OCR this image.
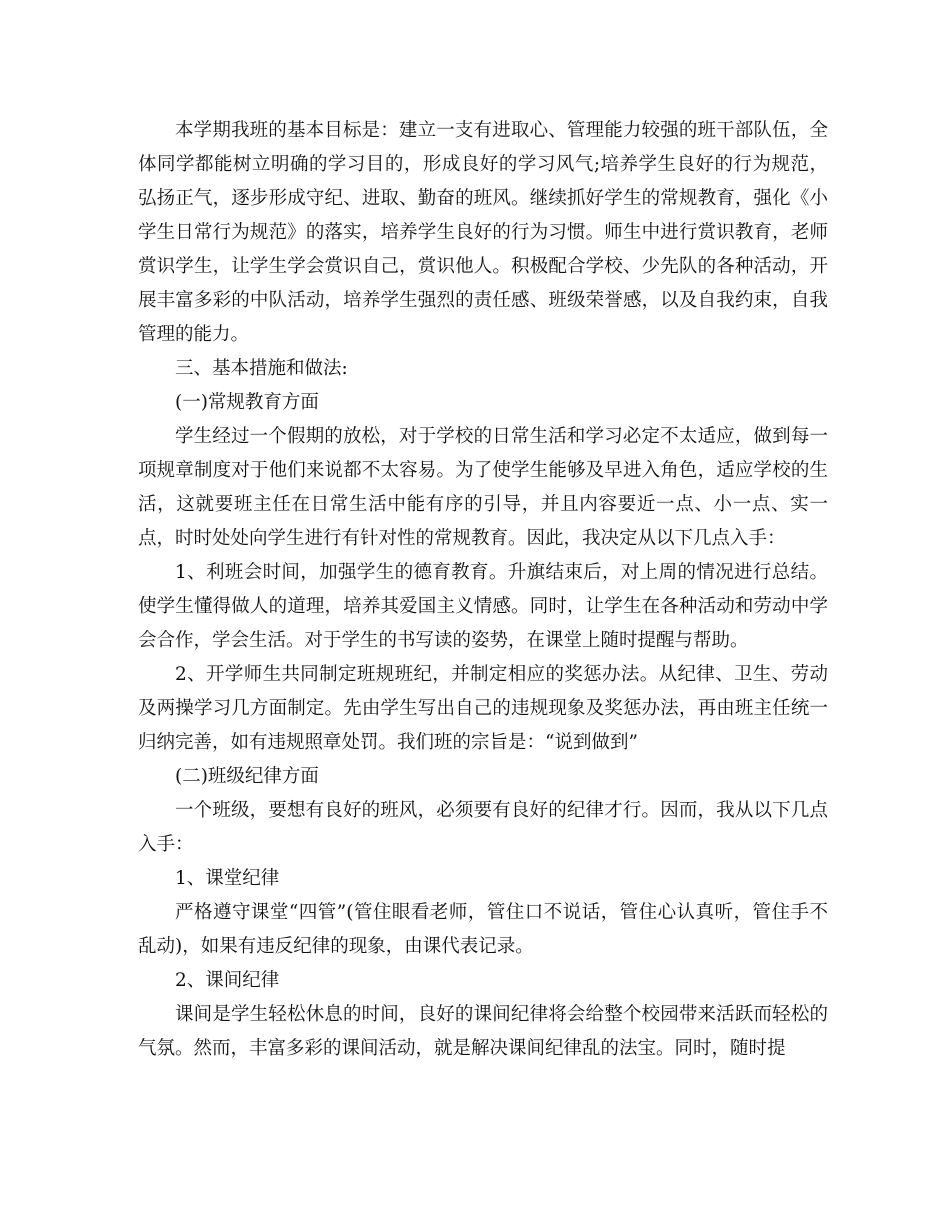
本学期我班的基本目标是：建立一支有进取心、管理能力较强的班干部队伍，全体同学都能树立明确的学习目的，形成良好的学习风气;培养学生良好的行为规范，弘扬正气，逐步形成守纪、进取、勤奋的班风。继续抓好学生的常规教育，强化《小学生日常行为规范》的落实，培养学生良好的行为习惯。师生中进行赏识教育，老师赏识学生，让学生学会赏识自己，赏识他人。积极配合学校、少先队的各种活动，开展丰富多彩的中队活动，培养学生强烈的责任感、班级荣誉感，以及自我约束，自我管理的能力。

三、基本措施和做法:

(一)常规教育方面

学生经过一个假期的放松，对于学校的日常生活和学习必定不太适应，做到每一项规章制度对于他们来说都不太容易。为了使学生能够及早进入角色，适应学校的生活，这就要班主任在日常生活中能有序的引导，并且内容要近一点、小一点、实一点，时时处处向学生进行有针对性的常规教育。因此，我决定从以下几点入手：

1、利班会时间，加强学生的德育教育。升旗结束后，对上周的情况进行总结。使学生懂得做人的道理，培养其爱国主义情感。同时，让学生在各种活动和劳动中学会合作，学会生活。对于学生的书写读的姿势，在课堂上随时提醒与帮助。

2、开学师生共同制定班规班纪，并制定相应的奖惩办法。从纪律、卫生、劳动及两操学习几方面制定。先由学生写出自己的违规现象及奖惩办法，再由班主任统一归纳完善，如有违规照章处罚。我们班的宗旨是：“说到做到”

(二)班级纪律方面

一个班级，要想有良好的班风，必须要有良好的纪律才行。因而，我从以下几点入手：

1、课堂纪律

严格遵守课堂“四管”(管住眼看老师，管住口不说话，管住心认真听，管住手不乱动)，如果有违反纪律的现象，由课代表记录。

2、课间纪律

课间是学生轻松休息的时间，良好的课间纪律将会给整个校园带来活跃而轻松的气氛。然而，丰富多彩的课间活动，就是解决课间纪律乱的法宝。同时，随时提
